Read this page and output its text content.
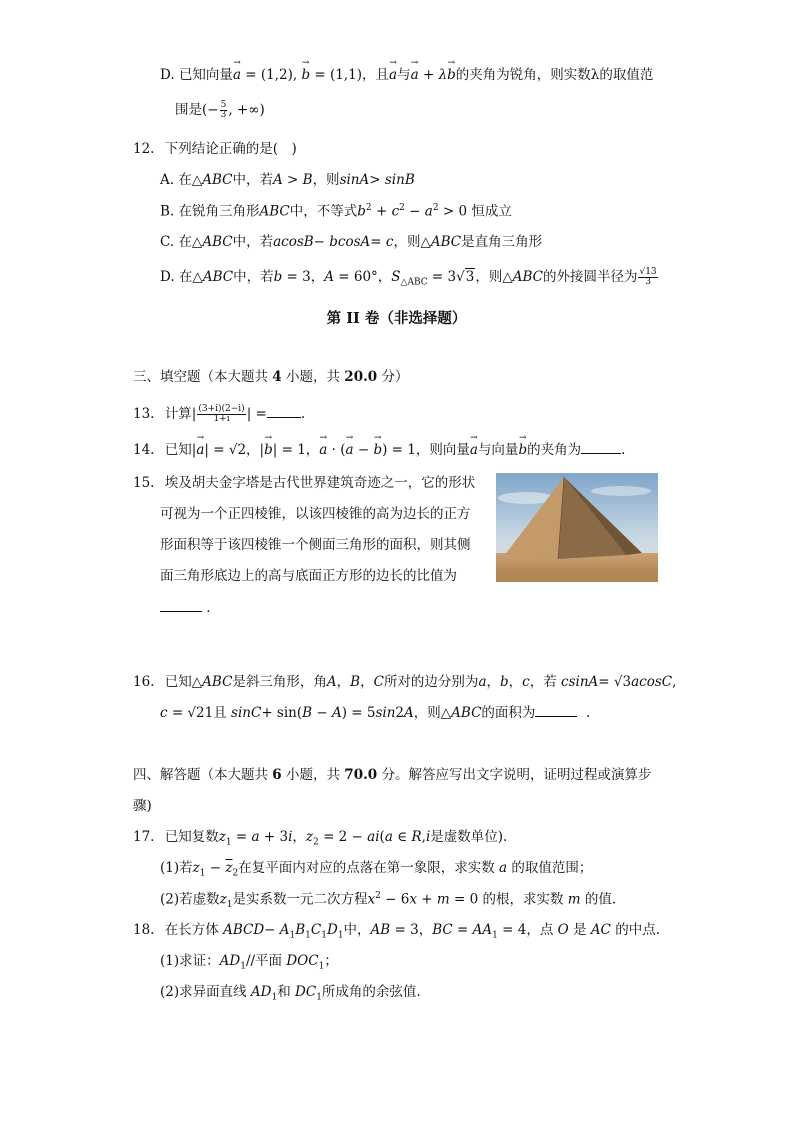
D. 已知向量→ a = (1,2), → b = (1,1)，且→ a与→ a + λ→ b的夹角为锐角，则实数λ的取值范
围是(− $\frac{5}{3}$ , +∞)
12. 下列结论正确的是(　)
A. 在△ABC中，若A > B，则sinA> sinB
B. 在锐角三角形ABC中，不等式$b^2 + c^2 - a^2 > 0$ 恒成立
C. 在△ABC中，若acosB− bcosA= c，则△ABC是直角三角形
D. 在△ABC中，若b = 3，A = 60°，$S_{\triangle ABC} = 3√3$，则△ABC的外接圆半径为 $\frac{√13}{3}$
第 II 卷（非选择题）
三、填空题（本大题共 4 小题，共 20.0 分）
13. 计算| $\frac{(3+i)(2-i)}{1+i}$ | =	.
14. 已知|→ a| = √2，|→ b| = 1，→ a · (→ a − → b) = 1，则向量→ a与向量→ b的夹角为	.
15. 埃及胡夫金字塔是古代世界建筑奇迹之一，它的形状
可视为一个正四棱锥，以该四棱锥的高为边长的正方
形面积等于该四棱锥一个侧面三角形的面积，则其侧
面三角形底边上的高与底面正方形的边长的比值为
.
16. 已知△ABC是斜三角形，角A，B，C所对的边分别为a，b，c，若 csinA= √3acosC,
c = √21且 sinC+ sin(B − A) = 5sin2A，则△ABC的面积为	.
四、解答题（本大题共 6 小题，共 70.0 分。解答应写出文字说明，证明过程或演算步
骤)
17. 已知复数$z_1 = a + 3i$，$z_2 = 2 - ai(a$ ∈ R,i是虚数单位).
(1)若$z_1 - \overline{z}_2$在复平面内对应的点落在第一象限，求实数 a 的取值范围；
(2)若虚数$z_1$是实系数一元二次方程$x^2 - 6x + m = 0$ 的根，求实数 m 的值.
18. 在长方体 ABCD− $A_1B_1C_1D_1$中，AB = 3，BC = $AA_1 = 4$，点 O 是 AC 的中点.
(1)求证：$AD_1//$平面 $DOC_1$；
(2)求异面直线 $AD_1$和 $DC_1$所成角的余弦值.
